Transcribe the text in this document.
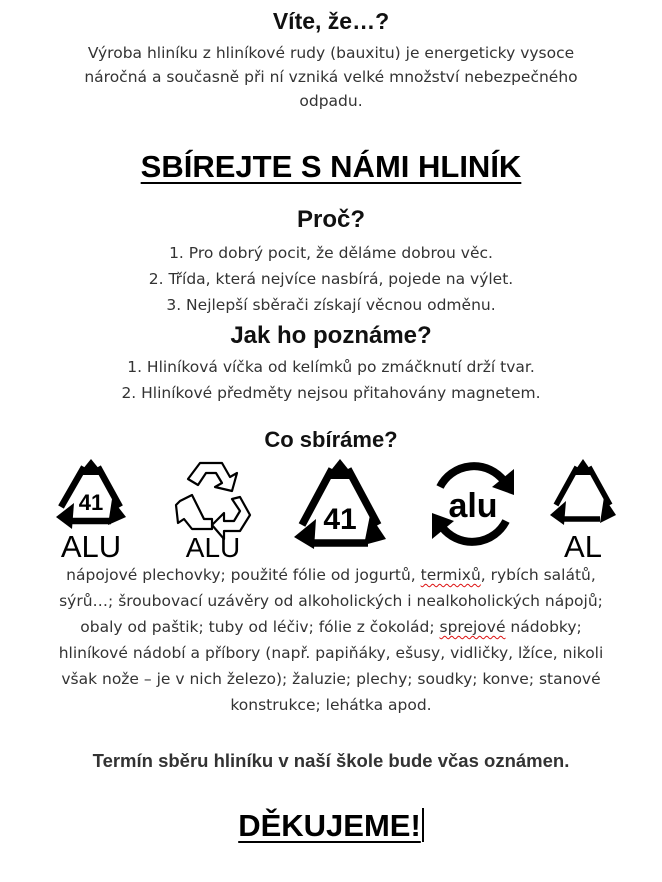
Víte, že…?
Výroba hliníku z hliníkové rudy (bauxitu) je energeticky vysoce
náročná a současně při ní vzniká velké množství nebezpečného
odpadu.
SBÍREJTE S NÁMI HLINÍK
Proč?
1. Pro dobrý pocit, že děláme dobrou věc.
2. Třída, která nejvíce nasbírá, pojede na výlet.
3. Nejlepší sběrači získají věcnou odměnu.
Jak ho poznáme?
1. Hliníková víčka od kelímků po zmáčknutí drží tvar.
2. Hliníkové předměty nejsou přitahovány magnetem.
Co sbíráme?
41
ALU ALU
41	alu
AL
nápojové plechovky; použité fólie od jogurtů, termixů, rybích salátů,
sýrů…; šroubovací uzávěry od alkoholických i nealkoholických nápojů;
obaly od paštik; tuby od léčiv; fólie z čokolád; sprejové nádobky;
hliníkové nádobí a příbory (např. papiňáky, ešusy, vidličky, lžíce, nikoli
však nože – je v nich železo); žaluzie; plechy; soudky; konve; stanové
konstrukce; lehátka apod.
Termín sběru hliníku v naší škole bude včas oznámen.
DĚKUJEME!
